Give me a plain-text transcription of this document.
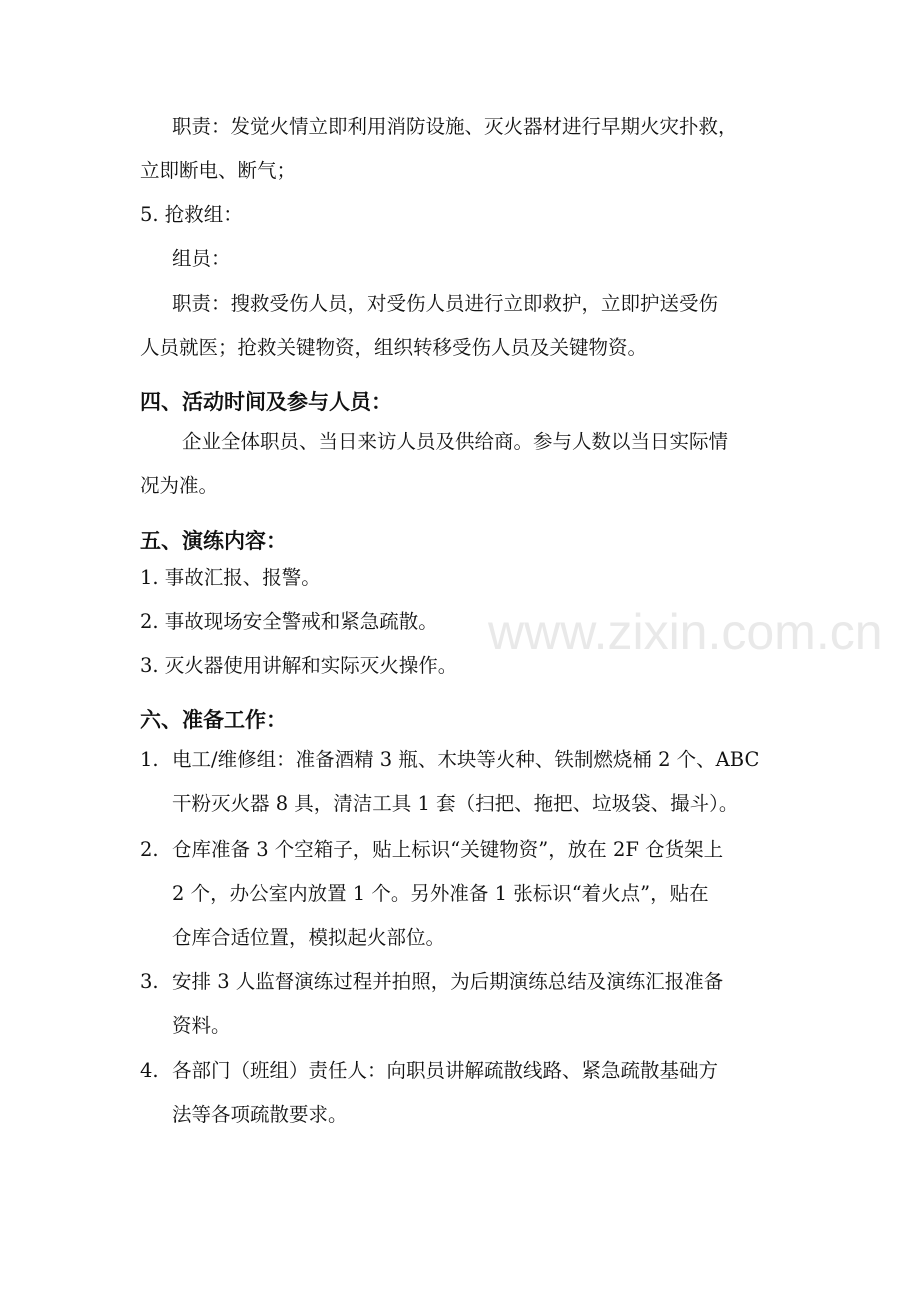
www.zixin.com.cn
职责：发觉火情立即利用消防设施、灭火器材进行早期火灾扑救，
立即断电、断气；
5. 抢救组：
组员：
职责：搜救受伤人员，对受伤人员进行立即救护，立即护送受伤
人员就医；抢救关键物资，组织转移受伤人员及关键物资。
四、活动时间及参与人员：
企业全体职员、当日来访人员及供给商。参与人数以当日实际情
况为准。
五、演练内容：
1. 事故汇报、报警。
2. 事故现场安全警戒和紧急疏散。
3. 灭火器使用讲解和实际灭火操作。
六、准备工作：
1. 电工/维修组：准备酒精 3 瓶、木块等火种、铁制燃烧桶 2 个、ABC
干粉灭火器 8 具，清洁工具 1 套（扫把、拖把、垃圾袋、撮斗）。
2. 仓库准备 3 个空箱子，贴上标识“关键物资”，放在 2F 仓货架上
2 个，办公室内放置 1 个。另外准备 1 张标识“着火点”，贴在
仓库合适位置，模拟起火部位。
3. 安排 3 人监督演练过程并拍照，为后期演练总结及演练汇报准备
资料。
4. 各部门（班组）责任人：向职员讲解疏散线路、紧急疏散基础方
法等各项疏散要求。
